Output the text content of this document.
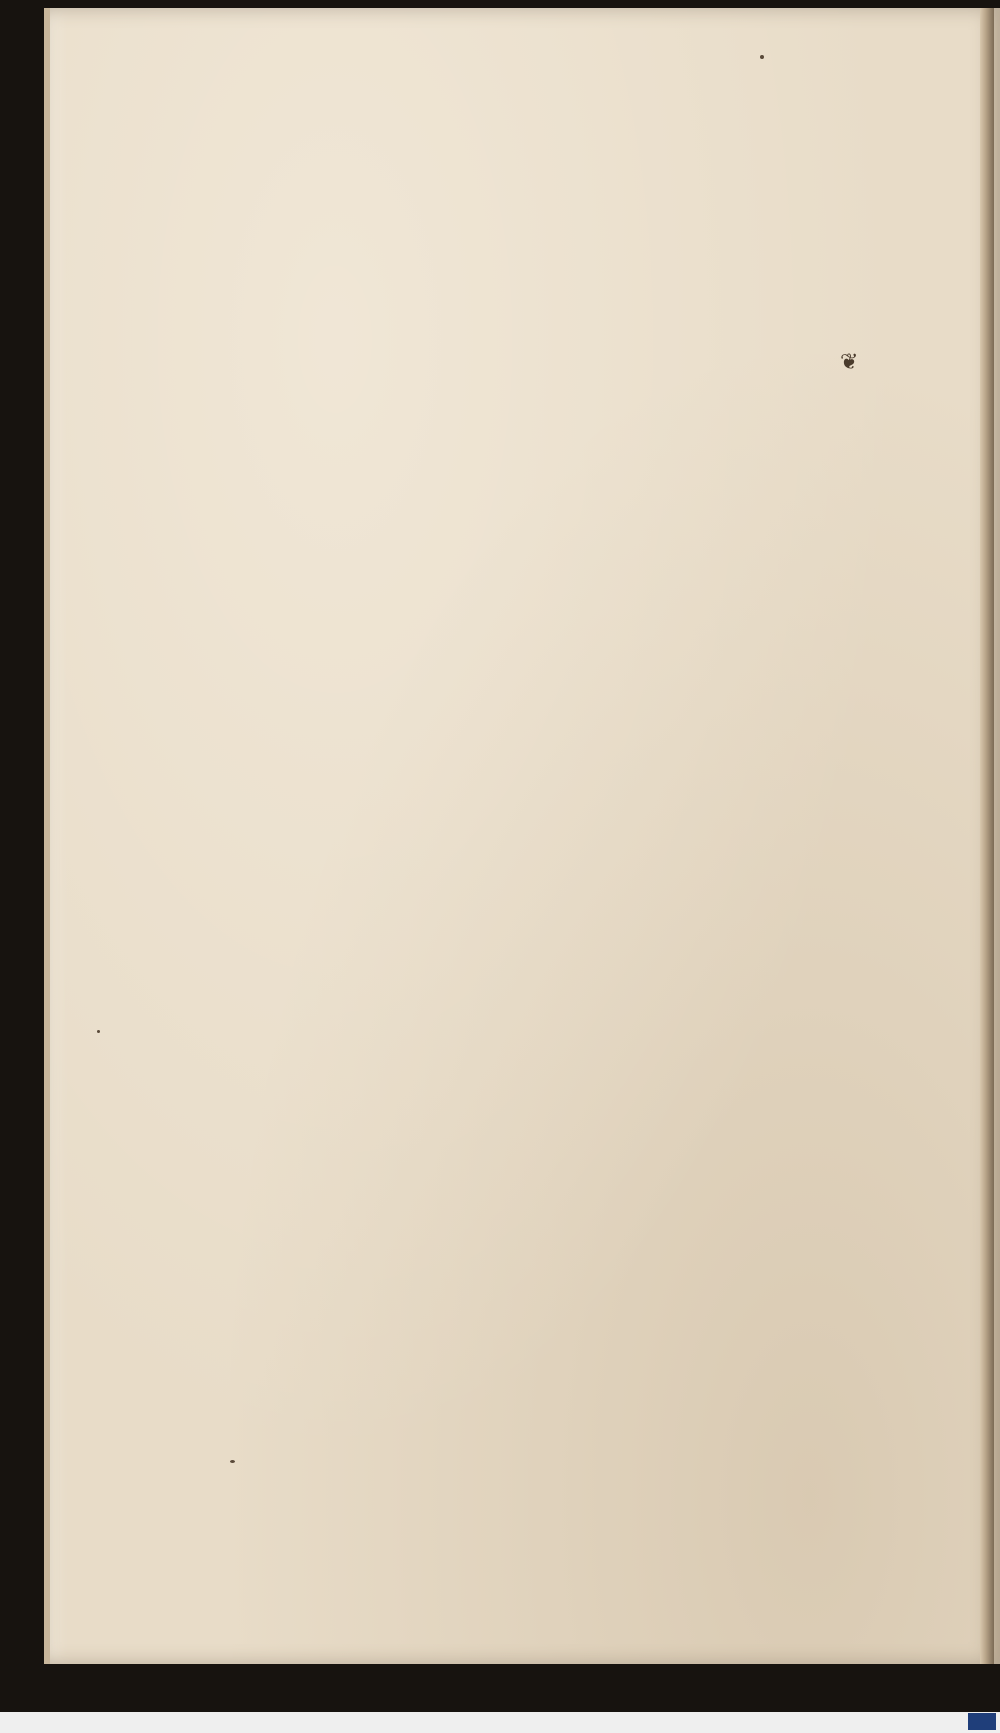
❦
